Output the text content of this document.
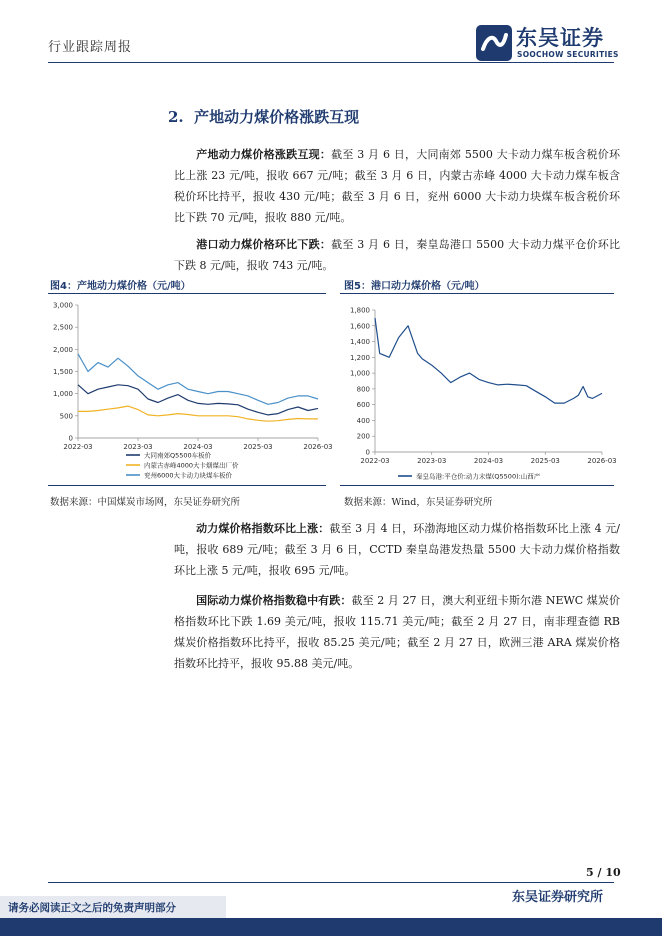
行业跟踪周报	东吴证券
SOOCHOW SECURITIES
2. 产地动力煤价格涨跌互现
产地动力煤价格涨跌互现：截至 3 月 6 日，大同南郊 5500 大卡动力煤车板含税价环比上涨 23 元/吨，报收 667 元/吨；截至 3 月 6 日，内蒙古赤峰 4000 大卡动力煤车板含税价环比持平，报收 430 元/吨；截至 3 月 6 日，兖州 6000 大卡动力块煤车板含税价环比下跌 70 元/吨，报收 880 元/吨。
港口动力煤价格环比下跌：截至 3 月 6 日，秦皇岛港口 5500 大卡动力煤平仓价环比下跌 8 元/吨，报收 743 元/吨。
图4：产地动力煤价格（元/吨）	图5：港口动力煤价格（元/吨）
0
500
1,000
1,500
2,000
2,500
3,000
2022-03	2023-03	2024-03	2025-03	2026-03
大同南郊Q5500车板价
内蒙古赤峰4000大卡烟煤出厂价
兖州6000大卡动力块煤车板价
0
200
400
600
800
1,000
1,200
1,400
1,600
1,800
2022-03	2023-03	2024-03	2025-03	2026-03
秦皇岛港:平仓价:动力末煤(Q5500):山西产
数据来源：中国煤炭市场网，东吴证券研究所	数据来源：Wind，东吴证券研究所
动力煤价格指数环比上涨：截至 3 月 4 日，环渤海地区动力煤价格指数环比上涨 4 元/吨，报收 689 元/吨；截至 3 月 6 日，CCTD 秦皇岛港发热量 5500 大卡动力煤价格指数环比上涨 5 元/吨，报收 695 元/吨。
国际动力煤价格指数稳中有跌：截至 2 月 27 日，澳大利亚纽卡斯尔港 NEWC 煤炭价格指数环比下跌 1.69 美元/吨，报收 115.71 美元/吨；截至 2 月 27 日，南非理查德 RB 煤炭价格指数环比持平，报收 85.25 美元/吨；截至 2 月 27 日，欧洲三港 ARA 煤炭价格指数环比持平，报收 95.88 美元/吨。
5 / 10
东吴证券研究所
请务必阅读正文之后的免责声明部分
